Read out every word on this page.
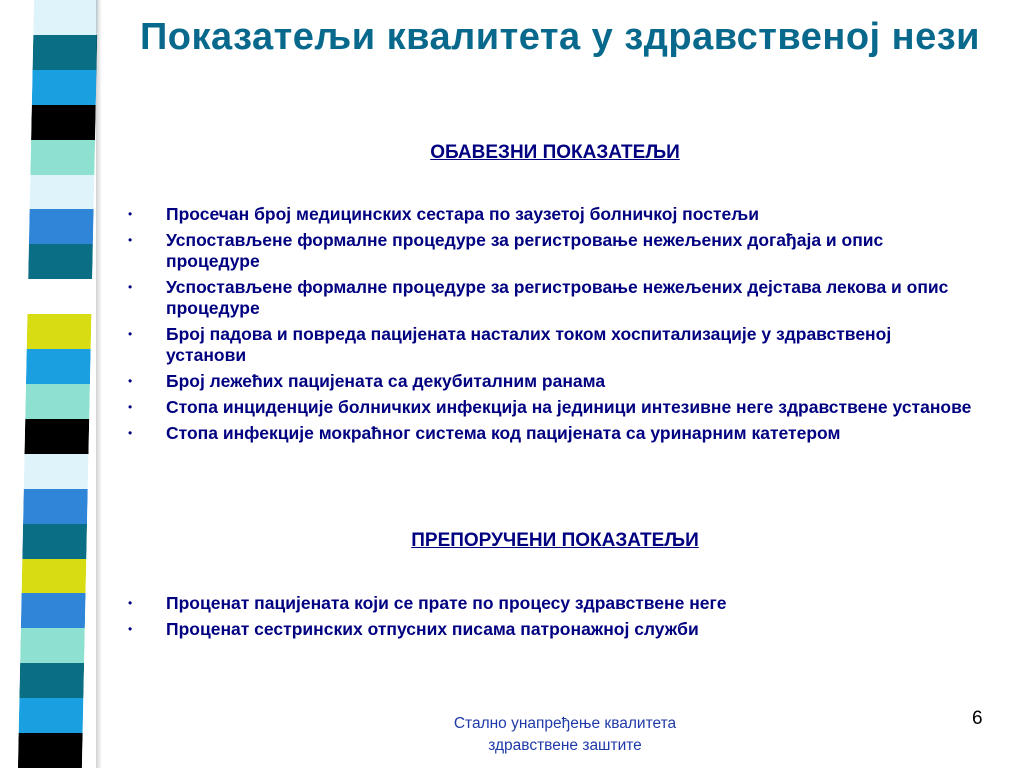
Показатељи квалитета у здравственој нези
ОБАВЕЗНИ ПОКАЗАТЕЉИ
• Просечан број медицинских сестара по заузетој болничкој постељи
• Успостављене формалне процедуре за регистровање нежељених догађаја и опис процедуре
• Успостављене формалне процедуре за регистровање нежељених дејстава лекова и опис процедуре
• Број падова и повреда пацијената насталих током хоспитализације у здравственој установи
• Број лежећих пацијената са декубиталним ранама
• Стопа инциденције болничких инфекција на јединици интезивне неге здравствене установе
• Стопа инфекције мокраћног система код пацијената са уринарним катетером
ПРЕПОРУЧЕНИ ПОКАЗАТЕЉИ
• Проценат пацијената који се прате по процесу здравствене неге
• Проценат сестринских отпусних писама патронажној служби
Стално унапређење квалитета
здравствене заштите
6
